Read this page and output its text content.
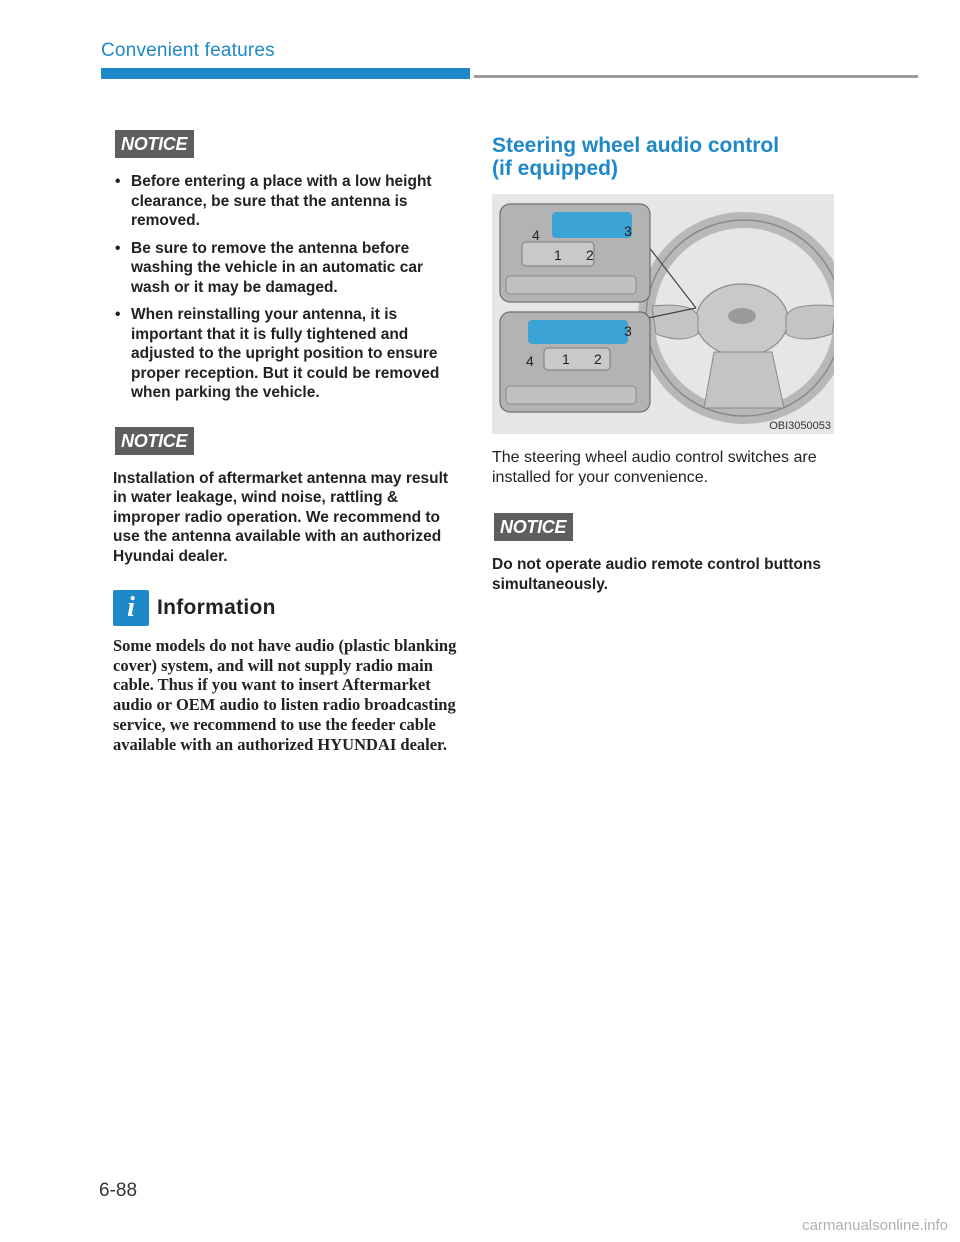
Convenient features
NOTICE
• Before entering a place with a low height clearance, be sure that the antenna is removed.
• Be sure to remove the antenna before washing the vehicle in an automatic car wash or it may be damaged.
• When reinstalling your antenna, it is important that it is fully tightened and adjusted to the upright position to ensure proper reception. But it could be removed when parking the vehicle.
NOTICE
Installation of aftermarket antenna may result in water leakage, wind noise, rattling & improper radio operation. We recommend to use the antenna available with an authorized Hyundai dealer.
i	Information
Some models do not have audio (plastic blanking cover) system, and will not supply radio main cable. Thus if you want to insert Aftermarket audio or OEM audio to listen radio broadcasting service, we recommend to use the feeder cable available with an authorized HYUNDAI dealer.
Steering wheel audio control
(if equipped)
4	3
1 2
3
4 1 2
OBI3050053
The steering wheel audio control switches are installed for your convenience.
NOTICE
Do not operate audio remote control buttons simultaneously.
6-88
carmanualsonline.info
